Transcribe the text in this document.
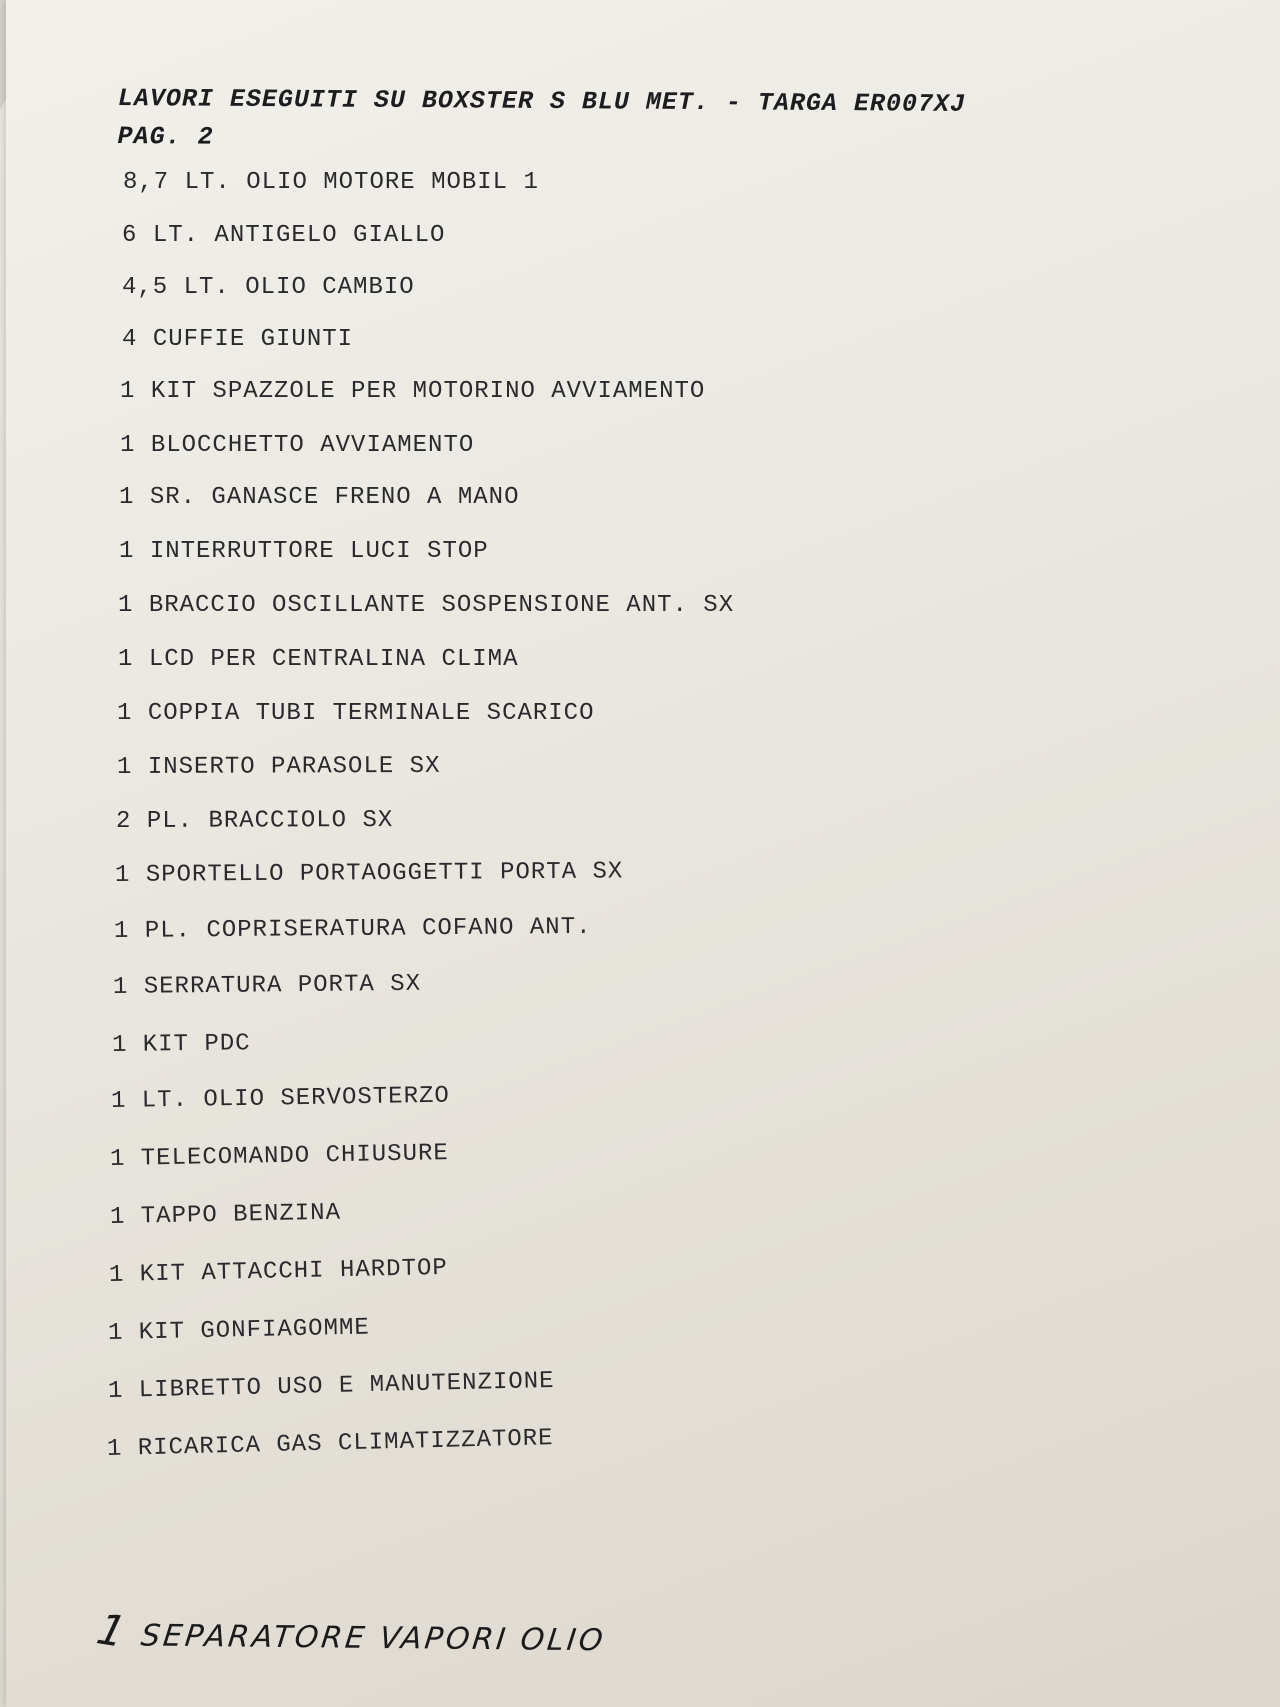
LAVORI ESEGUITI SU BOXSTER S BLU MET. - TARGA ER007XJ
PAG. 2
8,7 LT. OLIO MOTORE MOBIL 1
6 LT. ANTIGELO GIALLO
4,5 LT. OLIO CAMBIO
4 CUFFIE GIUNTI
1 KIT SPAZZOLE PER MOTORINO AVVIAMENTO
1 BLOCCHETTO AVVIAMENTO
1 SR. GANASCE FRENO A MANO
1 INTERRUTTORE LUCI STOP
1 BRACCIO OSCILLANTE SOSPENSIONE ANT. SX
1 LCD PER CENTRALINA CLIMA
1 COPPIA TUBI TERMINALE SCARICO
1 INSERTO PARASOLE SX
2 PL. BRACCIOLO SX
1 SPORTELLO PORTAOGGETTI PORTA SX
1 PL. COPRISERATURA COFANO ANT.
1 SERRATURA PORTA SX
1 KIT PDC
1 LT. OLIO SERVOSTERZO
1 TELECOMANDO CHIUSURE
1 TAPPO BENZINA
1 KIT ATTACCHI HARDTOP
1 KIT GONFIAGOMME
1 LIBRETTO USO E MANUTENZIONE
1 RICARICA GAS CLIMATIZZATORE
1 SEPARATORE VAPORI OLIO
